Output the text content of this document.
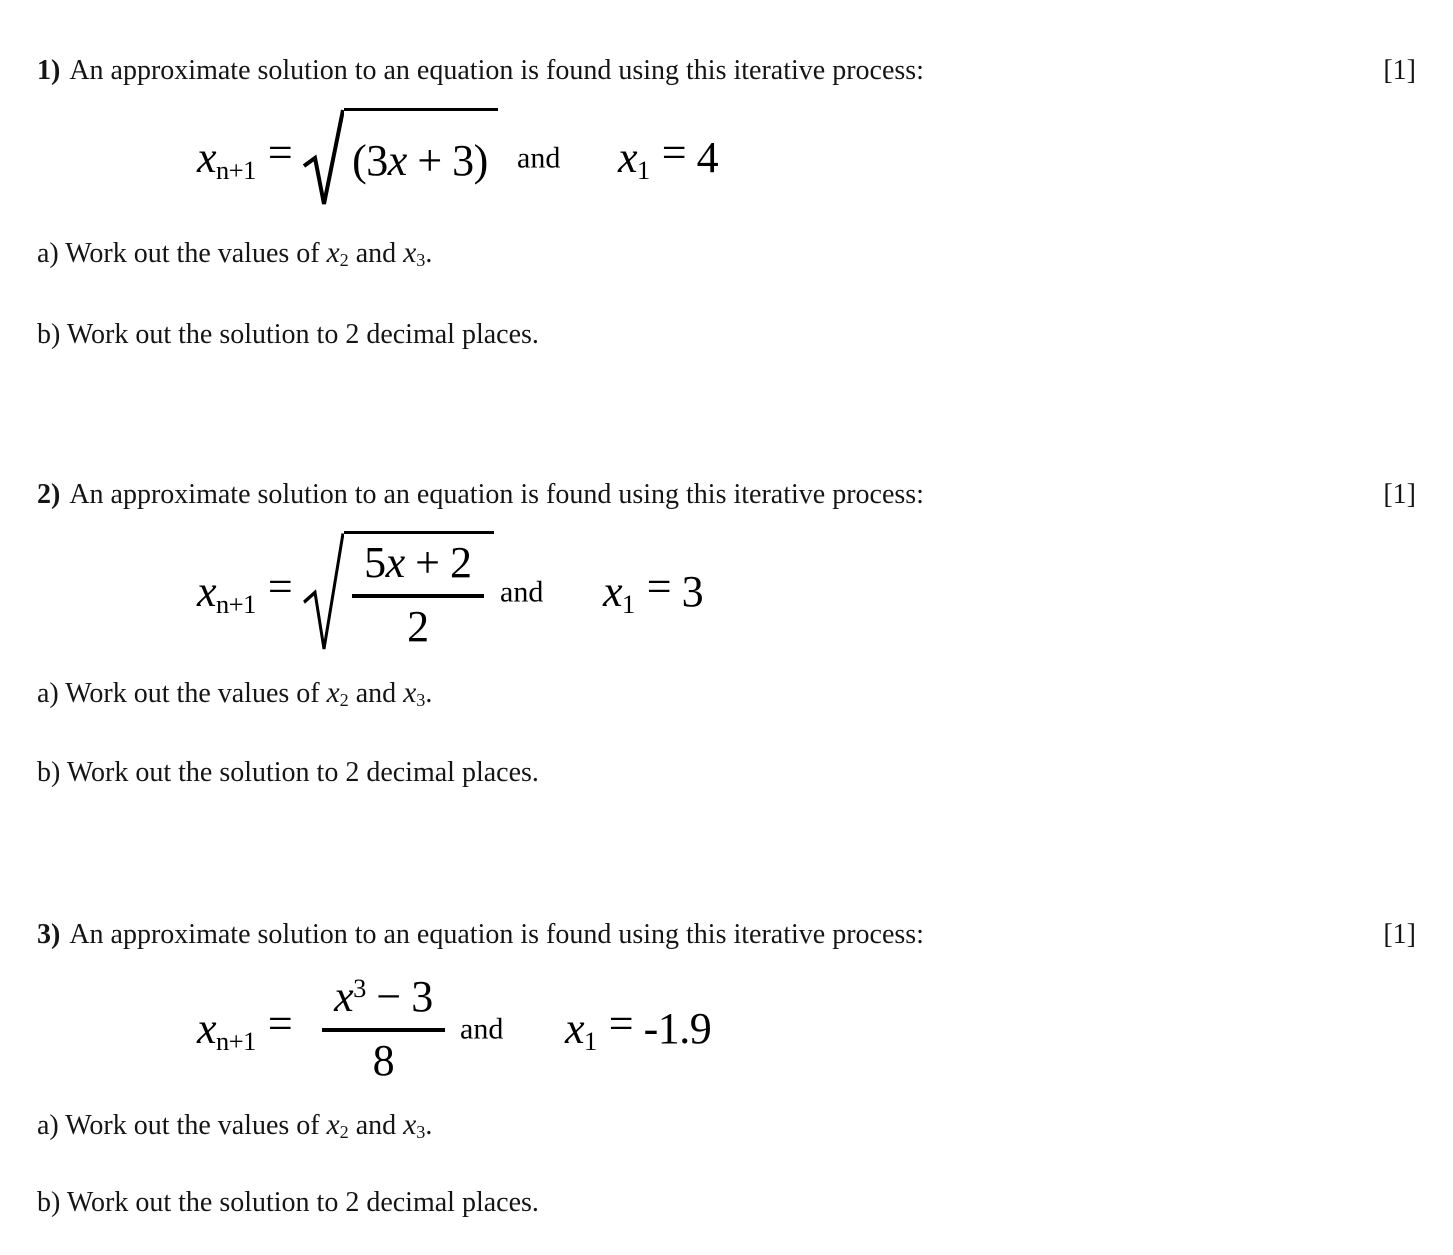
1) An approximate solution to an equation is found using this iterative process:	[1]
xn+1 = (3 x + 3) and x1 = 4
a) Work out the values of x2 and x3.
b) Work out the solution to 2 decimal places.
2) An approximate solution to an equation is found using this iterative process:	[1]
$xn+1 = \frac{5x + 2}{2}$ and x1 = 3
a) Work out the values of x2 and x3.
b) Work out the solution to 2 decimal places.
3) An approximate solution to an equation is found using this iterative process:	[1]
$xn+1 = \frac{x^3 - 3}{8}$ and x1 = -1.9
a) Work out the values of x2 and x3.
b) Work out the solution to 2 decimal places.
